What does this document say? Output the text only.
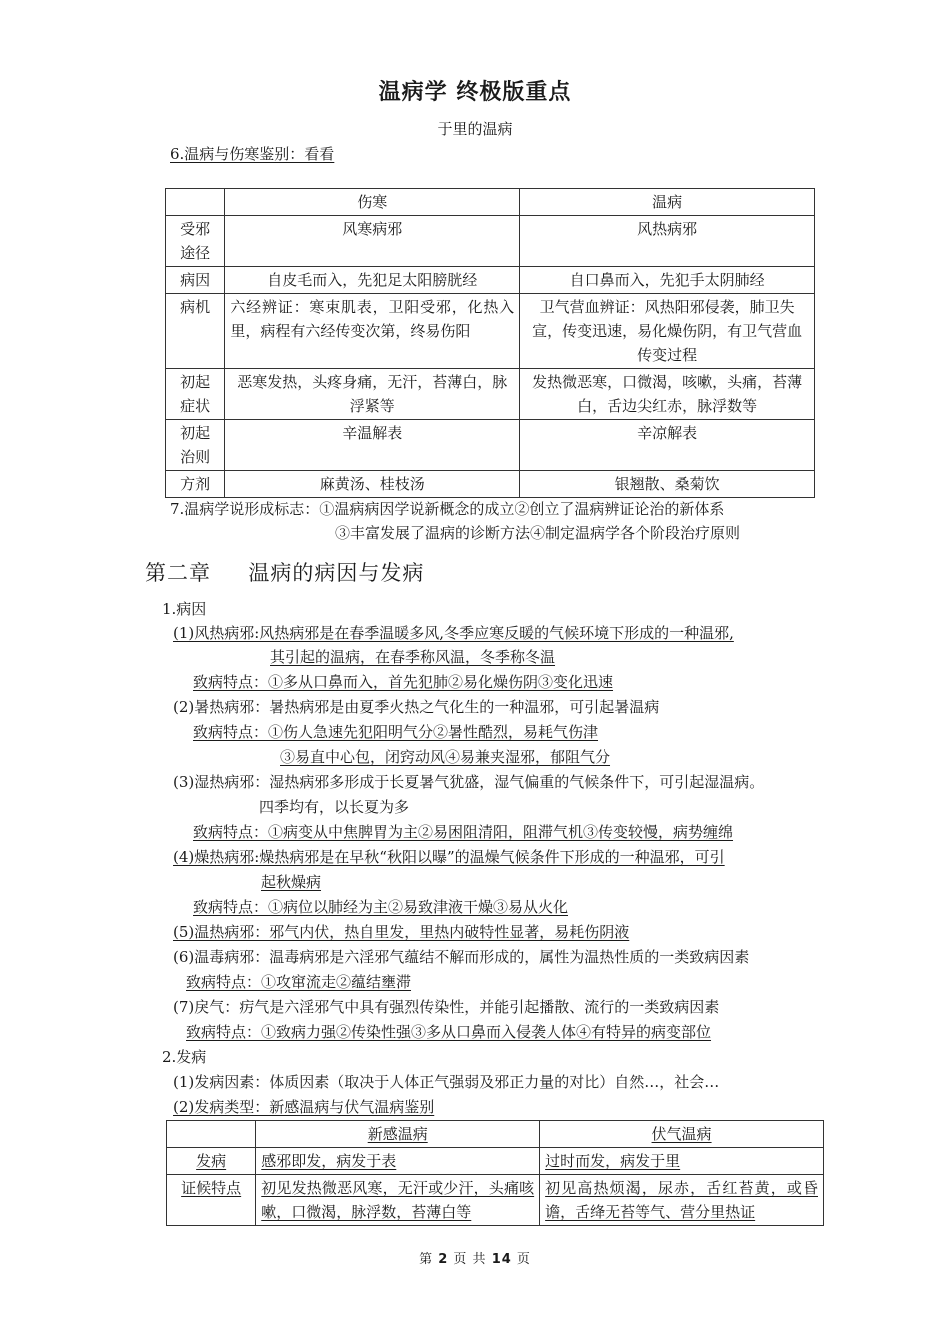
温病学 终极版重点
于里的温病
6.温病与伤寒鉴别：看看
	伤寒	温病
受邪
途径	风寒病邪	风热病邪
病因	自皮毛而入，先犯足太阳膀胱经	自口鼻而入，先犯手太阴肺经
病机	六经辨证：寒束肌表，卫阳受邪，化热入里，病程有六经传变次第，终易伤阳	卫气营血辨证：风热阳邪侵袭，肺卫失宣，传变迅速，易化燥伤阴，有卫气营血传变过程
初起
症状	恶寒发热，头疼身痛，无汗，苔薄白，脉浮紧等	发热微恶寒，口微渴，咳嗽，头痛，苔薄白，舌边尖红赤，脉浮数等
初起
治则	辛温解表	辛凉解表
方剂	麻黄汤、桂枝汤	银翘散、桑菊饮
7.温病学说形成标志：①温病病因学说新概念的成立②创立了温病辨证论治的新体系
③丰富发展了温病的诊断方法④制定温病学各个阶段治疗原则
第二章 温病的病因与发病
1.病因
(1)风热病邪:风热病邪是在春季温暖多风,冬季应寒反暖的气候环境下形成的一种温邪,
其引起的温病，在春季称风温，冬季称冬温
致病特点：①多从口鼻而入，首先犯肺②易化燥伤阴③变化迅速
(2)暑热病邪：暑热病邪是由夏季火热之气化生的一种温邪，可引起暑温病
致病特点：①伤人急速先犯阳明气分②暑性酷烈，易耗气伤津
③易直中心包，闭窍动风④易兼夹湿邪，郁阻气分
(3)湿热病邪：湿热病邪多形成于长夏暑气犹盛，湿气偏重的气候条件下，可引起湿温病。
四季均有，以长夏为多
致病特点：①病变从中焦脾胃为主②易困阻清阳，阻滞气机③传变较慢，病势缠绵
(4)燥热病邪:燥热病邪是在早秋“秋阳以曝”的温燥气候条件下形成的一种温邪，可引
起秋燥病
致病特点：①病位以肺经为主②易致津液干燥③易从火化
(5)温热病邪：邪气内伏，热自里发，里热内破特性显著，易耗伤阴液
(6)温毒病邪：温毒病邪是六淫邪气蕴结不解而形成的，属性为温热性质的一类致病因素
致病特点：①攻窜流走②蕴结壅滞
(7)戾气：疠气是六淫邪气中具有强烈传染性，并能引起播散、流行的一类致病因素
致病特点：①致病力强②传染性强③多从口鼻而入侵袭人体④有特异的病变部位
2.发病
(1)发病因素：体质因素（取决于人体正气强弱及邪正力量的对比）自然…，社会…
(2)发病类型：新感温病与伏气温病鉴别
	新感温病	伏气温病
发病	感邪即发，病发于表	过时而发，病发于里
证候特点	初见发热微恶风寒，无汗或少汗，头痛咳嗽，口微渴，脉浮数，苔薄白等	初见高热烦渴，尿赤，舌红苔黄，或昏谵，舌绛无苔等气、营分里热证
第 2 页 共 14 页
